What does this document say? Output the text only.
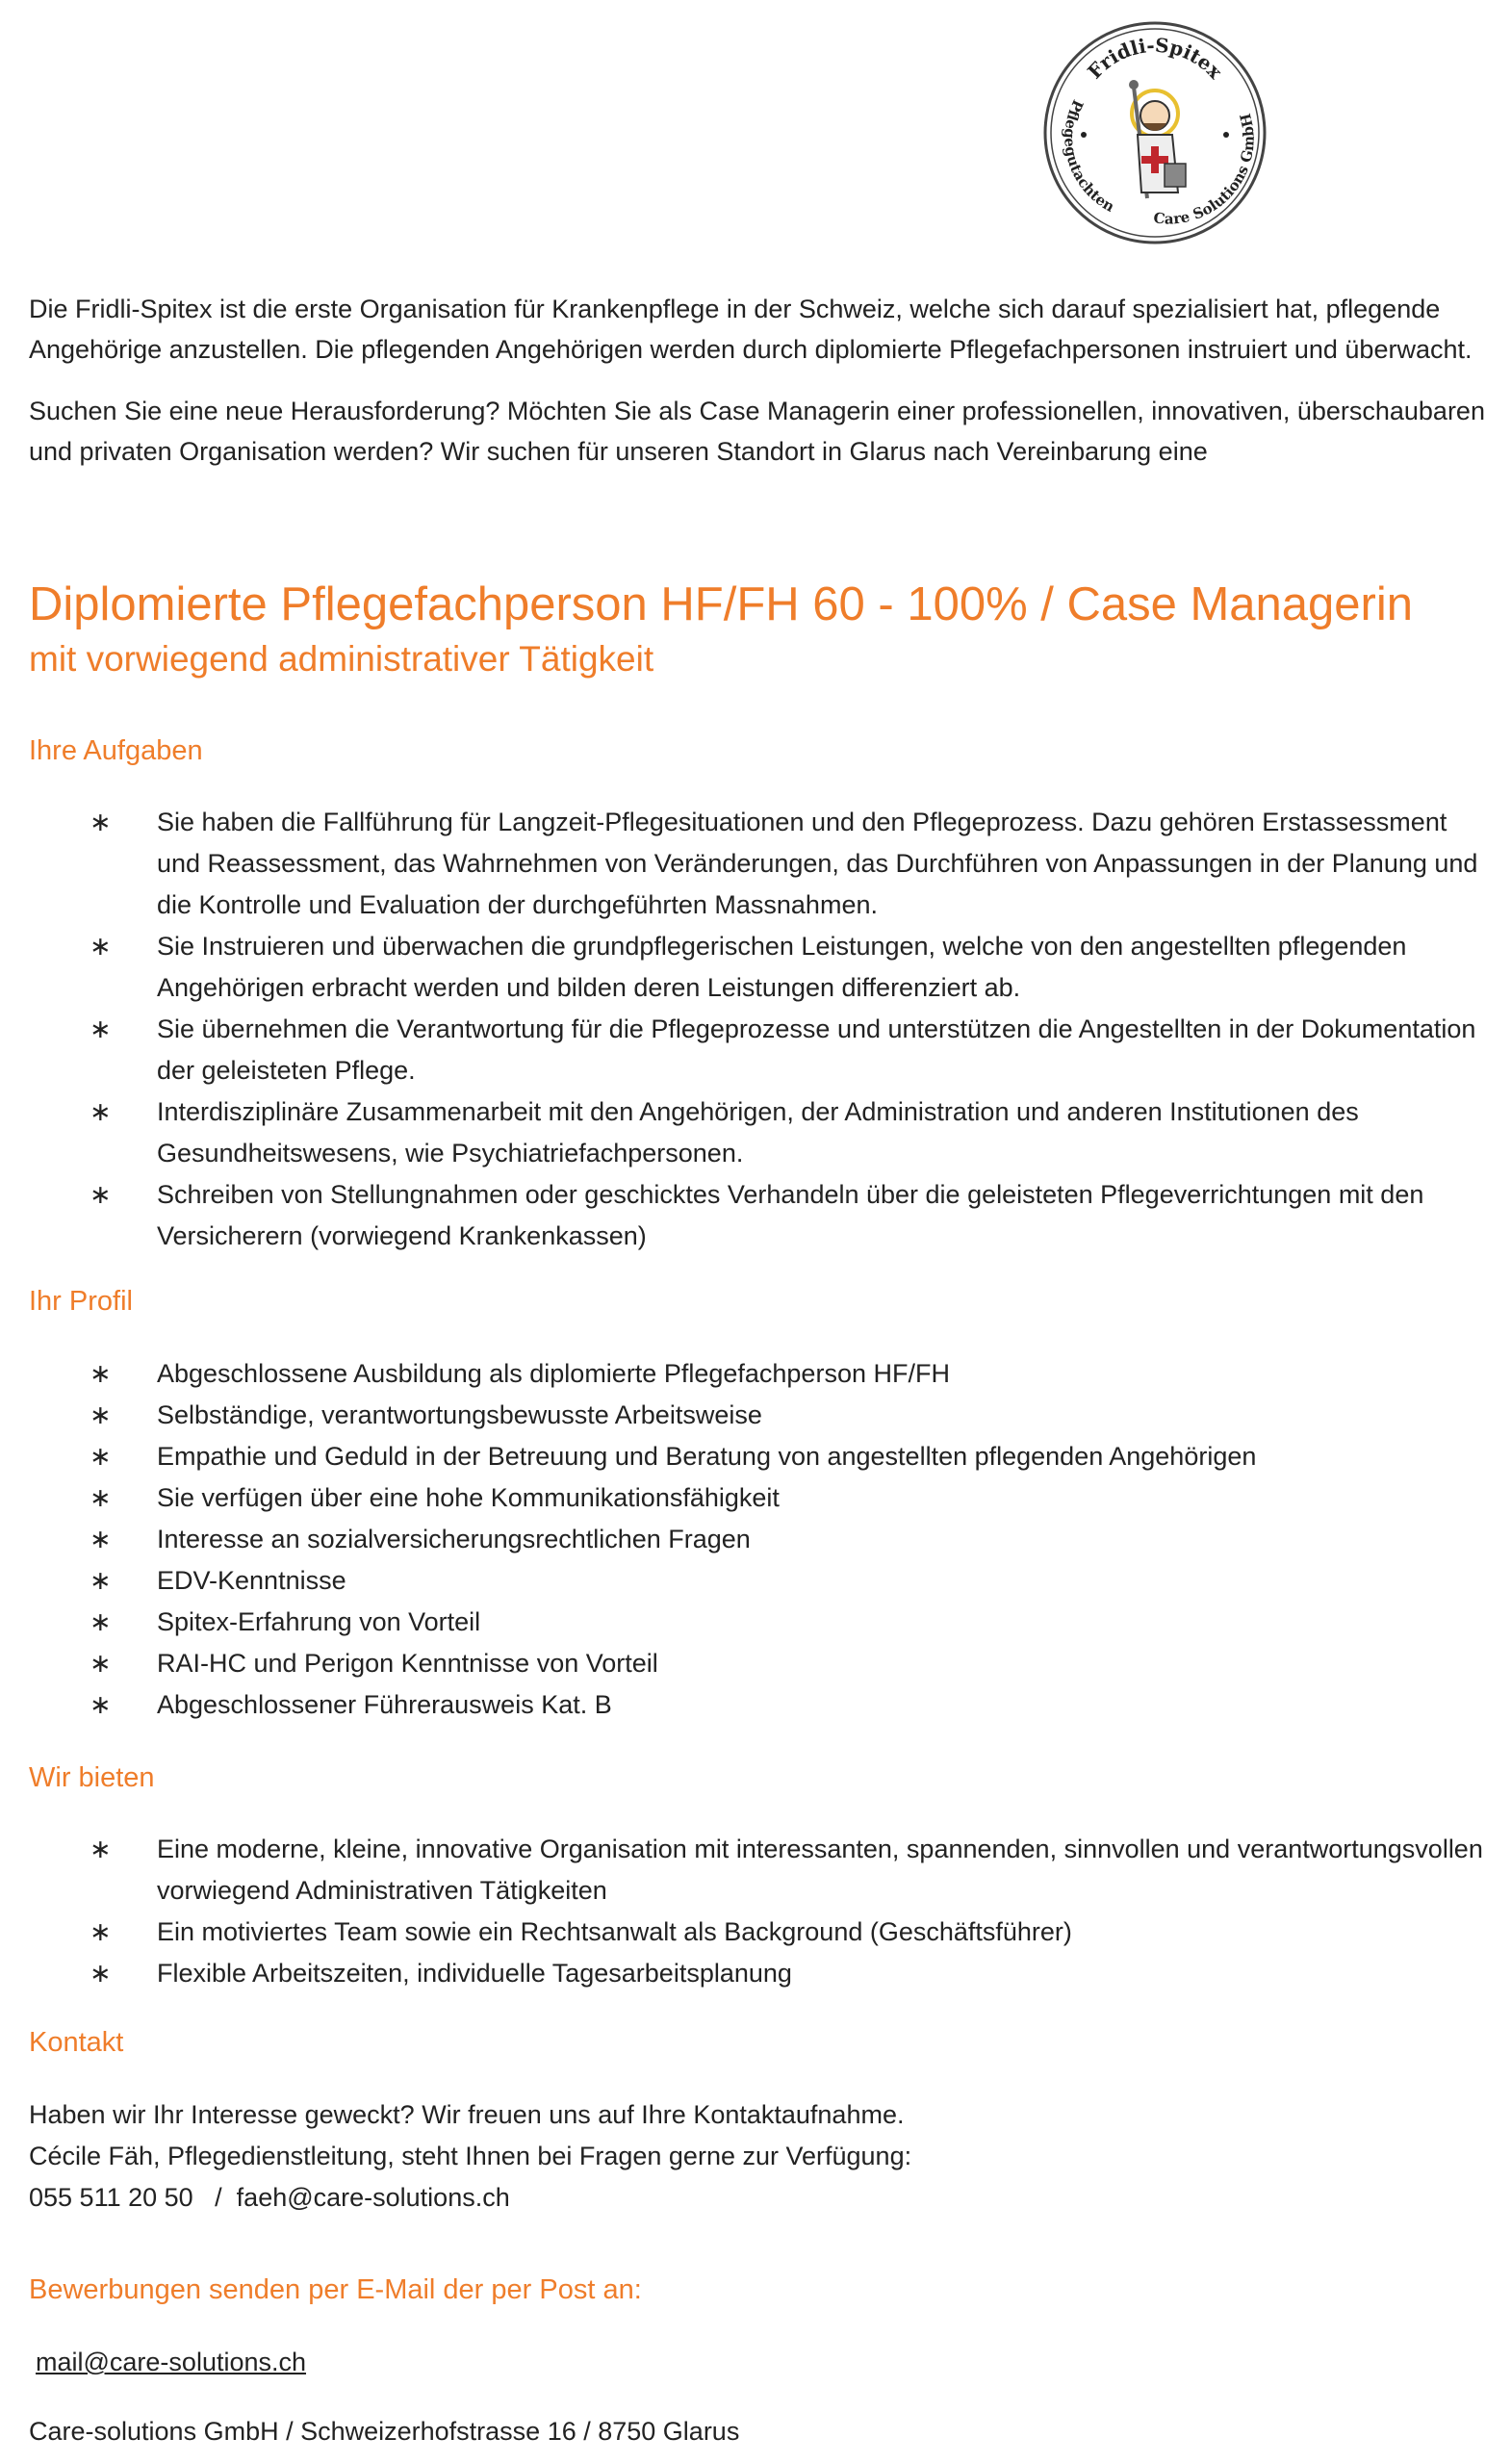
Fridli-Spitex
Pflegegutachten
Care Solutions GmbH

Die Fridli-Spitex ist die erste Organisation für Krankenpflege in der Schweiz, welche sich darauf spezialisiert hat, pflegende Angehörige anzustellen. Die pflegenden Angehörigen werden durch diplomierte Pflegefachpersonen instruiert und überwacht.

Suchen Sie eine neue Herausforderung? Möchten Sie als Case Managerin einer professionellen, innovativen, überschaubaren und privaten Organisation werden? Wir suchen für unseren Standort in Glarus nach Vereinbarung eine

Diplomierte Pflegefachperson HF/FH 60 - 100% / Case Managerin
mit vorwiegend administrativer Tätigkeit
Ihre Aufgaben
∗ Sie haben die Fallführung für Langzeit-Pflegesituationen und den Pflegeprozess. Dazu gehören Erstassessment und Reassessment, das Wahrnehmen von Veränderungen, das Durchführen von Anpassungen in der Planung und die Kontrolle und Evaluation der durchgeführten Massnahmen.
∗ Sie Instruieren und überwachen die grundpflegerischen Leistungen, welche von den angestellten pflegenden Angehörigen erbracht werden und bilden deren Leistungen differenziert ab.
∗ Sie übernehmen die Verantwortung für die Pflegeprozesse und unterstützen die Angestellten in der Dokumentation der geleisteten Pflege.
∗ Interdisziplinäre Zusammenarbeit mit den Angehörigen, der Administration und anderen Institutionen des Gesundheitswesens, wie Psychiatriefachpersonen.
∗ Schreiben von Stellungnahmen oder geschicktes Verhandeln über die geleisteten Pflegeverrichtungen mit den Versicherern (vorwiegend Krankenkassen)
Ihr Profil
∗ Abgeschlossene Ausbildung als diplomierte Pflegefachperson HF/FH
∗ Selbständige, verantwortungsbewusste Arbeitsweise
∗ Empathie und Geduld in der Betreuung und Beratung von angestellten pflegenden Angehörigen
∗ Sie verfügen über eine hohe Kommunikationsfähigkeit
∗ Interesse an sozialversicherungsrechtlichen Fragen
∗ EDV-Kenntnisse
∗ Spitex-Erfahrung von Vorteil
∗ RAI-HC und Perigon Kenntnisse von Vorteil
∗ Abgeschlossener Führerausweis Kat. B
Wir bieten
∗ Eine moderne, kleine, innovative Organisation mit interessanten, spannenden, sinnvollen und verantwortungsvollen vorwiegend Administrativen Tätigkeiten
∗ Ein motiviertes Team sowie ein Rechtsanwalt als Background (Geschäftsführer)
∗ Flexible Arbeitszeiten, individuelle Tagesarbeitsplanung
Kontakt
Haben wir Ihr Interesse geweckt? Wir freuen uns auf Ihre Kontaktaufnahme.
Cécile Fäh, Pflegedienstleitung, steht Ihnen bei Fragen gerne zur Verfügung:
055 511 20 50   /  faeh@care-solutions.ch
Bewerbungen senden per E-Mail der per Post an:
mail@care-solutions.ch
Care-solutions GmbH / Schweizerhofstrasse 16 / 8750 Glarus
